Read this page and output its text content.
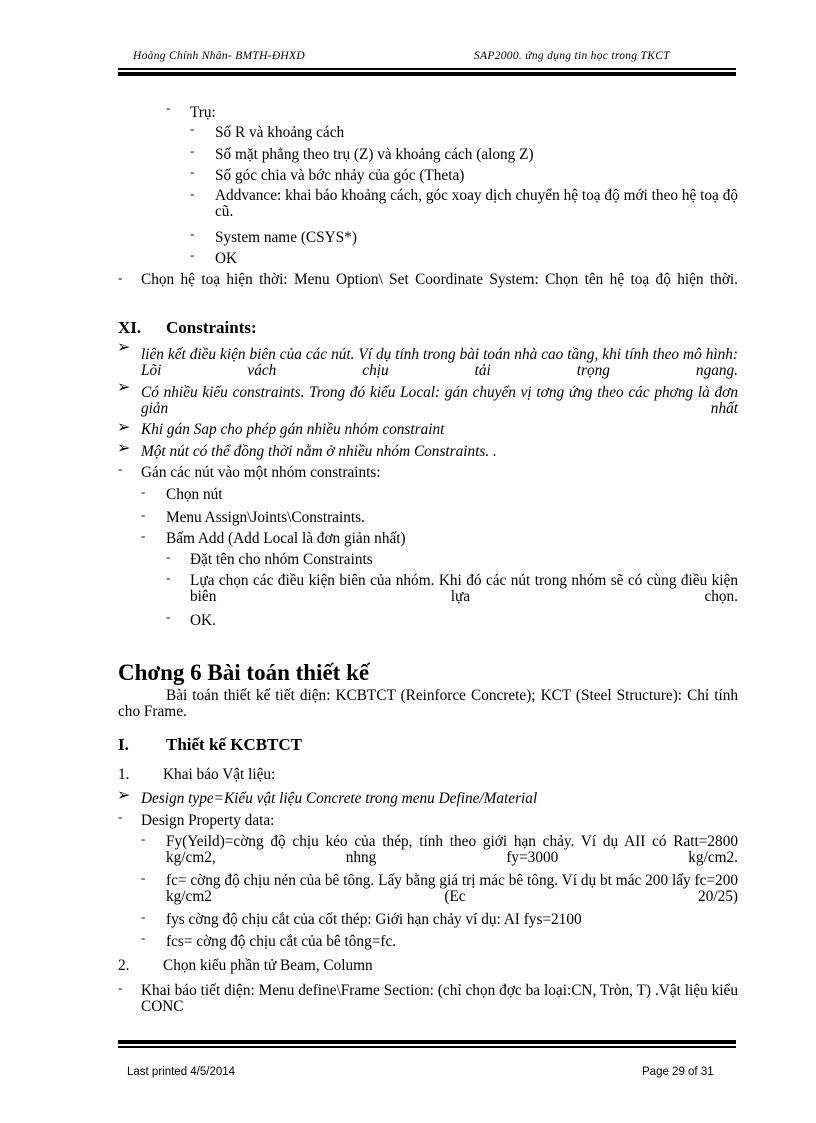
Hoàng Chính Nhân- BMTH-ĐHXD	SAP2000. ứng dụng tin học trong TKCT
- Trụ:
- Số R và khoảng cách
- Số mặt phẳng theo trụ (Z) và khoảng cách (along Z)
- Số góc chia và bớc nhảy của góc (Theta)
- Addvance: khai báo khoảng cách, góc xoay dịch chuyển hệ toạ độ mới theo hệ toạ độ cũ.
- System name (CSYS*)
- OK
- Chọn hệ toạ hiện thời: Menu Option\ Set Coordinate System: Chọn tên hệ toạ độ hiện thời.
XI. Constraints:
➢ liên kết điều kiện biên của các nút. Ví dụ tính trong bài toán nhà cao tầng, khi tính theo mô hình: Lõi vách chịu tải trọng ngang.
➢ Có nhiều kiểu constraints. Trong đó kiểu Local: gán chuyển vị tơng ứng theo các phơng là đơn giản nhất
➢ Khi gán Sap cho phép gán nhiều nhóm constraint
➢ Một nút có thể đồng thời nằm ở nhiều nhóm Constraints. .
- Gán các nút vào một nhóm constraints:
- Chọn nút
- Menu Assign\Joints\Constraints.
- Bấm Add (Add Local là đơn giản nhất)
- Đặt tên cho nhóm Constraints
- Lựa chọn các điều kiện biên của nhóm. Khi đó các nút trong nhóm sẽ có cùng điều kiện biên lựa chọn.
- OK.
Chơng 6 Bài toán thiết kế
Bài toán thiết kế tiết diện: KCBTCT (Reinforce Concrete); KCT (Steel Structure): Chỉ tính cho Frame.
I. Thiết kế KCBTCT
1. Khai báo Vật liệu:
➢ Design type=Kiểu vật liệu Concrete trong menu Define/Material
- Design Property data:
- Fy(Yeild)=cờng độ chịu kéo của thép, tính theo giới hạn chảy. Ví dụ AII có Ratt=2800 kg/cm2, nhng fy=3000 kg/cm2.
- fc= cờng độ chịu nén của bê tông. Lấy bằng giá trị mác bê tông. Ví dụ bt mác 200 lấy fc=200 kg/cm2 (Ec 20/25)
- fys cờng độ chịu cắt của cốt thép: Giới hạn chảy ví dụ: AI fys=2100
- fcs= cờng độ chịu cắt của bê tông=fc.
2. Chọn kiểu phần tử Beam, Column
- Khai báo tiết diện: Menu define\Frame Section: (chỉ chọn đợc ba loại:CN, Tròn, T) .Vật liệu kiểu CONC
Last printed 4/5/2014	Page 29 of 31
